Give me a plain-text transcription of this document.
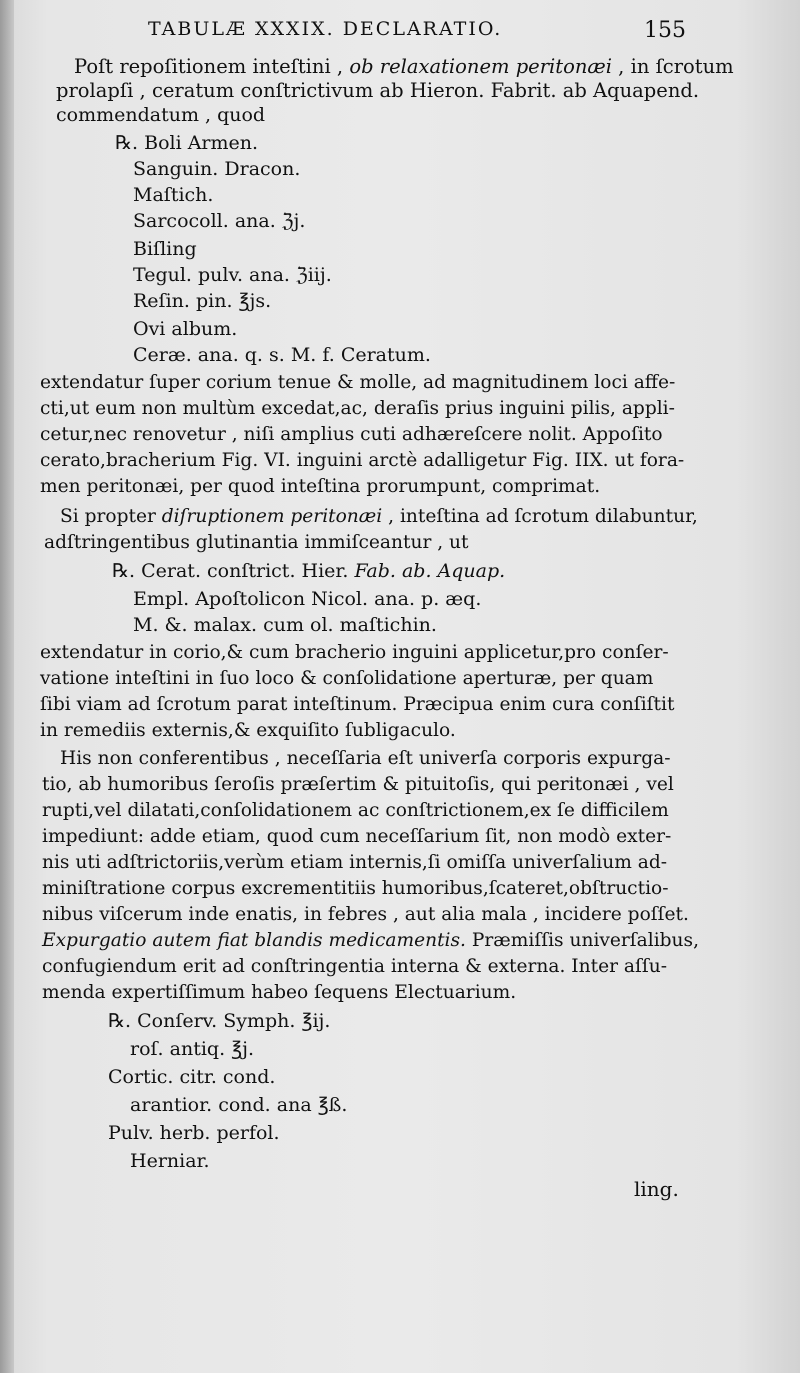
TABULÆ XXXIX. DECLARATIO.	155
Poſt repoſitionem inteſtini , ob relaxationem peritonæi , in ſcrotum
prolapſi , ceratum conſtrictivum ab Hieron. Fabrit. ab Aquapend.
commendatum , quod
℞. Boli Armen.
Sanguin. Dracon.
Maſtich.
Sarcocoll. ana. ℨj.
Biſling
Tegul. pulv. ana. ℨiij.
Reſin. pin. ℥js.
Ovi album.
Ceræ. ana. q. s. M. f. Ceratum.
extendatur ſuper corium tenue & molle, ad magnitudinem loci affe-
cti,ut eum non multùm excedat,ac, deraſis prius inguini pilis, appli-
cetur,nec renovetur , niſi amplius cuti adhæreſcere nolit. Appoſito
cerato,bracherium Fig. VI. inguini arctè adalligetur Fig. IIX. ut fora-
men peritonæi, per quod inteſtina prorumpunt, comprimat.
Si propter diſruptionem peritonæi , inteſtina ad ſcrotum dilabuntur,
adſtringentibus glutinantia immiſceantur , ut
℞. Cerat. conſtrict. Hier. Fab. ab. Aquap.
Empl. Apoſtolicon Nicol. ana. p. æq.
M. &. malax. cum ol. maſtichin.
extendatur in corio,& cum bracherio inguini applicetur,pro conſer-
vatione inteſtini in ſuo loco & conſolidatione aperturæ, per quam
ſibi viam ad ſcrotum parat inteſtinum. Præcipua enim cura conſiſtit
in remediis externis,& exquiſito ſubligaculo.
His non conferentibus , neceſſaria eſt univerſa corporis expurga-
tio, ab humoribus ſeroſis præſertim & pituitoſis, qui peritonæi , vel
rupti,vel dilatati,conſolidationem ac conſtrictionem,ex ſe difficilem
impediunt: adde etiam, quod cum neceſſarium ſit, non modò exter-
nis uti adſtrictoriis,verùm etiam internis,ſi omiſſa univerſalium ad-
miniſtratione corpus excrementitiis humoribus,ſcateret,obſtructio-
nibus viſcerum inde enatis, in febres , aut alia mala , incidere poſſet.
Expurgatio autem fiat blandis medicamentis. Præmiſſis univerſalibus,
confugiendum erit ad conſtringentia interna & externa. Inter aſſu-
menda expertiſſimum habeo ſequens Electuarium.
℞. Conſerv. Symph. ℥ij.
roſ. antiq. ℥j.
Cortic. citr. cond.
arantior. cond. ana ℥ß.
Pulv. herb. perfol.
Herniar.
ling.
